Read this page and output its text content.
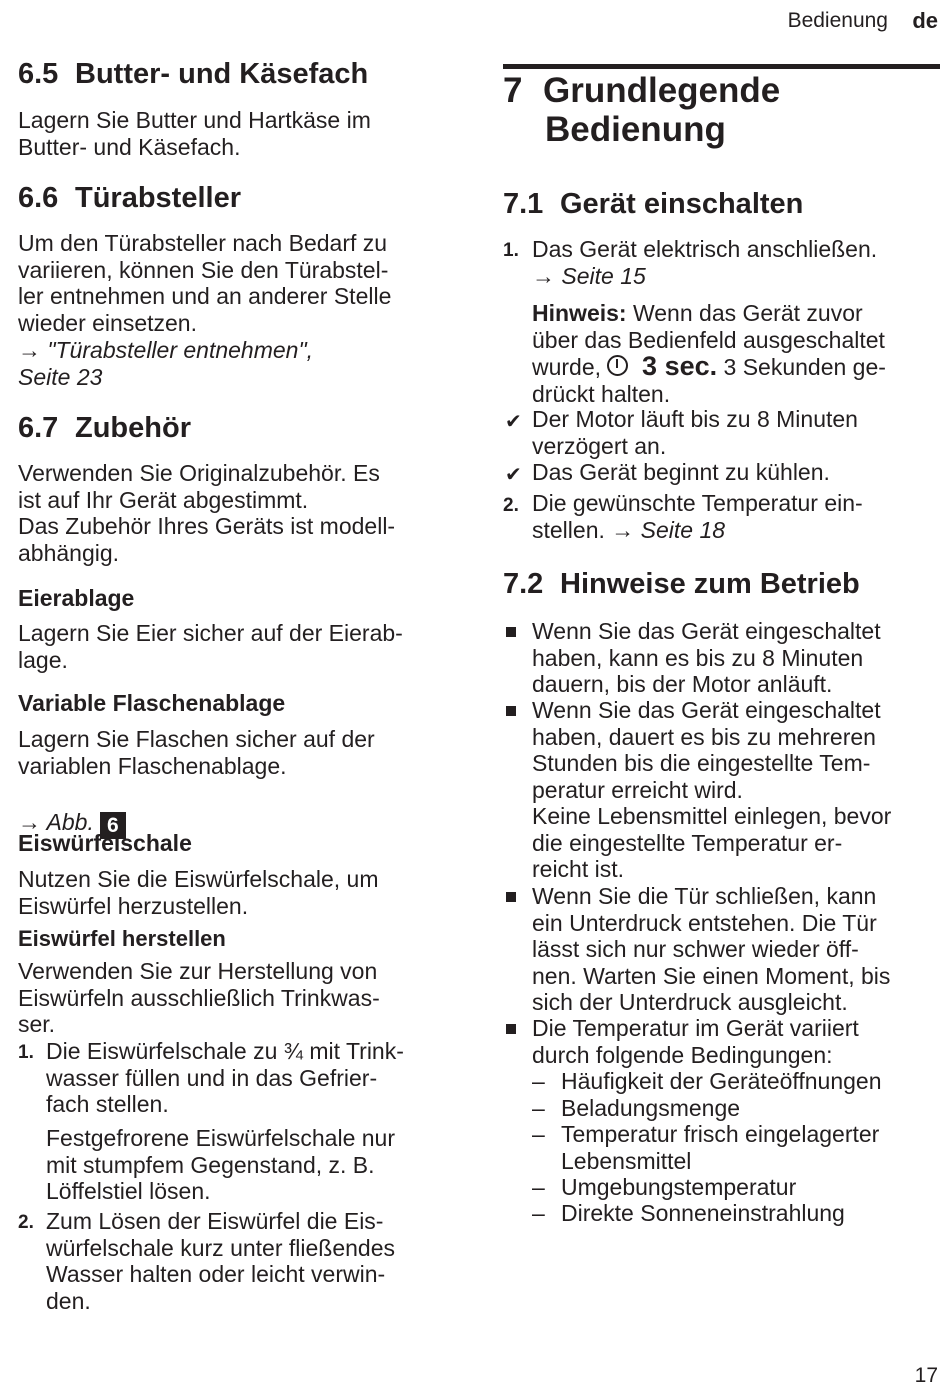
Bedienung de
6.5 Butter- und Käsefach
Lagern Sie Butter und Hartkäse im
Butter- und Käsefach.
6.6 Türabsteller
Um den Türabsteller nach Bedarf zu
variieren, können Sie den Türabstel-
ler entnehmen und an anderer Stelle
wieder einsetzen.
→ "Türabsteller entnehmen",
Seite 23
6.7 Zubehör
Verwenden Sie Originalzubehör. Es
ist auf Ihr Gerät abgestimmt.
Das Zubehör Ihres Geräts ist modell-
abhängig.
Eierablage
Lagern Sie Eier sicher auf der Eierab-
lage.
Variable Flaschenablage
Lagern Sie Flaschen sicher auf der
variablen Flaschenablage.

→ Abb. 6

Eiswürfelschale
Nutzen Sie die Eiswürfelschale, um
Eiswürfel herzustellen.
Eiswürfel herstellen
Verwenden Sie zur Herstellung von
Eiswürfeln ausschließlich Trinkwas-
ser.
1. Die Eiswürfelschale zu ¾ mit Trink-
wasser füllen und in das Gefrier-
fach stellen.
Festgefrorene Eiswürfelschale nur
mit stumpfem Gegenstand, z. B.
Löffelstiel lösen.
2. Zum Lösen der Eiswürfel die Eis-
würfelschale kurz unter fließendes
Wasser halten oder leicht verwin-
den.
7 Grundlegende
Bedienung
7.1 Gerät einschalten
1. Das Gerät elektrisch anschließen.
→ Seite 15
Hinweis: Wenn das Gerät zuvor
über das Bedienfeld ausgeschaltet
wurde, 3 sec. 3 Sekunden ge-
drückt halten.
✔ Der Motor läuft bis zu 8 Minuten
verzögert an.
✔ Das Gerät beginnt zu kühlen.
2. Die gewünschte Temperatur ein-
stellen. → Seite 18
7.2 Hinweise zum Betrieb
Wenn Sie das Gerät eingeschaltet
haben, kann es bis zu 8 Minuten
dauern, bis der Motor anläuft.
Wenn Sie das Gerät eingeschaltet
haben, dauert es bis zu mehreren
Stunden bis die eingestellte Tem-
peratur erreicht wird.
Keine Lebensmittel einlegen, bevor
die eingestellte Temperatur er-
reicht ist.
Wenn Sie die Tür schließen, kann
ein Unterdruck entstehen. Die Tür
lässt sich nur schwer wieder öff-
nen. Warten Sie einen Moment, bis
sich der Unterdruck ausgleicht.
Die Temperatur im Gerät variiert
durch folgende Bedingungen:
– Häufigkeit der Geräteöffnungen
– Beladungsmenge
– Temperatur frisch eingelagerter
Lebensmittel
– Umgebungstemperatur
– Direkte Sonneneinstrahlung
17
